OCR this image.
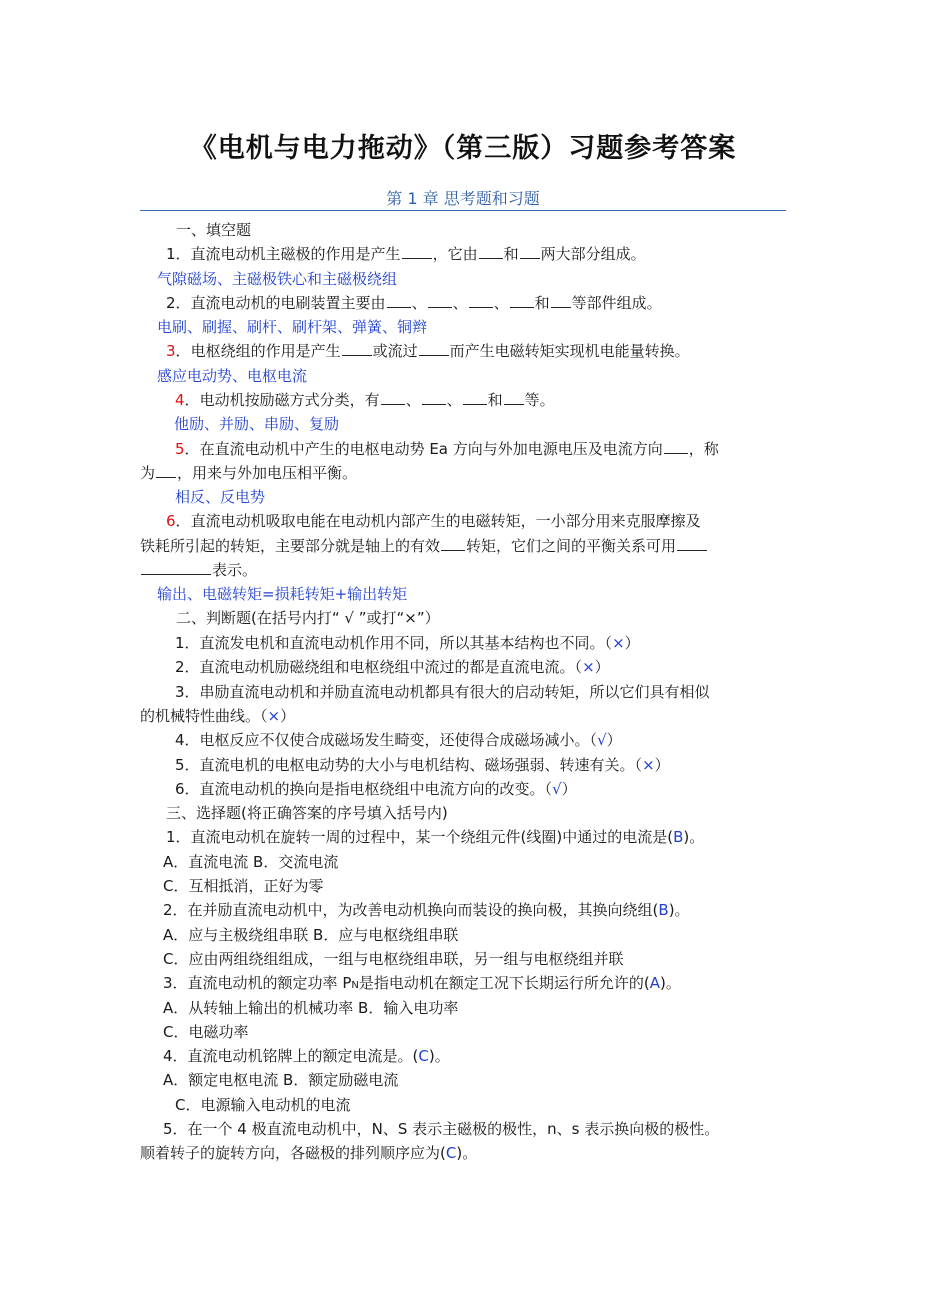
《电机与电力拖动》（第三版）习题参考答案
第 1 章 思考题和习题
一、填空题
1．直流电动机主磁极的作用是产生 ，它由 和 两大部分组成。
气隙磁场、主磁极铁心和主磁极绕组
2．直流电动机的电刷装置主要由 、 、 、 和 等部件组成。
电刷、刷握、刷杆、刷杆架、弹簧、铜辫
3．电枢绕组的作用是产生 或流过 而产生电磁转矩实现机电能量转换。
感应电动势、电枢电流
4．电动机按励磁方式分类，有 、 、 和 等。
他励、并励、串励、复励
5．在直流电动机中产生的电枢电动势 Ea 方向与外加电源电压及电流方向 ，称
为 ，用来与外加电压相平衡。
相反、反电势
6．直流电动机吸取电能在电动机内部产生的电磁转矩，一小部分用来克服摩擦及
铁耗所引起的转矩，主要部分就是轴上的有效 转矩，它们之间的平衡关系可用
表示。
输出、电磁转矩=损耗转矩+输出转矩
二、判断题(在括号内打“ √ ”或打“×”）
1．直流发电机和直流电动机作用不同，所以其基本结构也不同。（×）
2．直流电动机励磁绕组和电枢绕组中流过的都是直流电流。（×）
3．串励直流电动机和并励直流电动机都具有很大的启动转矩，所以它们具有相似
的机械特性曲线。（×）
4．电枢反应不仅使合成磁场发生畸变，还使得合成磁场减小。（√）
5．直流电机的电枢电动势的大小与电机结构、磁场强弱、转速有关。（×）
6．直流电动机的换向是指电枢绕组中电流方向的改变。（√）
三、选择题(将正确答案的序号填入括号内)
1．直流电动机在旋转一周的过程中，某一个绕组元件(线圈)中通过的电流是(B)。
A．直流电流 B．交流电流
C．互相抵消，正好为零
2．在并励直流电动机中，为改善电动机换向而装设的换向极，其换向绕组(B)。
A．应与主极绕组串联 B．应与电枢绕组串联
C．应由两组绕组组成，一组与电枢绕组串联，另一组与电枢绕组并联
3．直流电动机的额定功率 PN是指电动机在额定工况下长期运行所允许的(A)。
A．从转轴上输出的机械功率 B．输入电功率
C．电磁功率
4．直流电动机铭牌上的额定电流是。(C)。
A．额定电枢电流 B．额定励磁电流
C．电源输入电动机的电流
5．在一个 4 极直流电动机中，N、S 表示主磁极的极性，n、s 表示换向极的极性。
顺着转子的旋转方向，各磁极的排列顺序应为(C)。
